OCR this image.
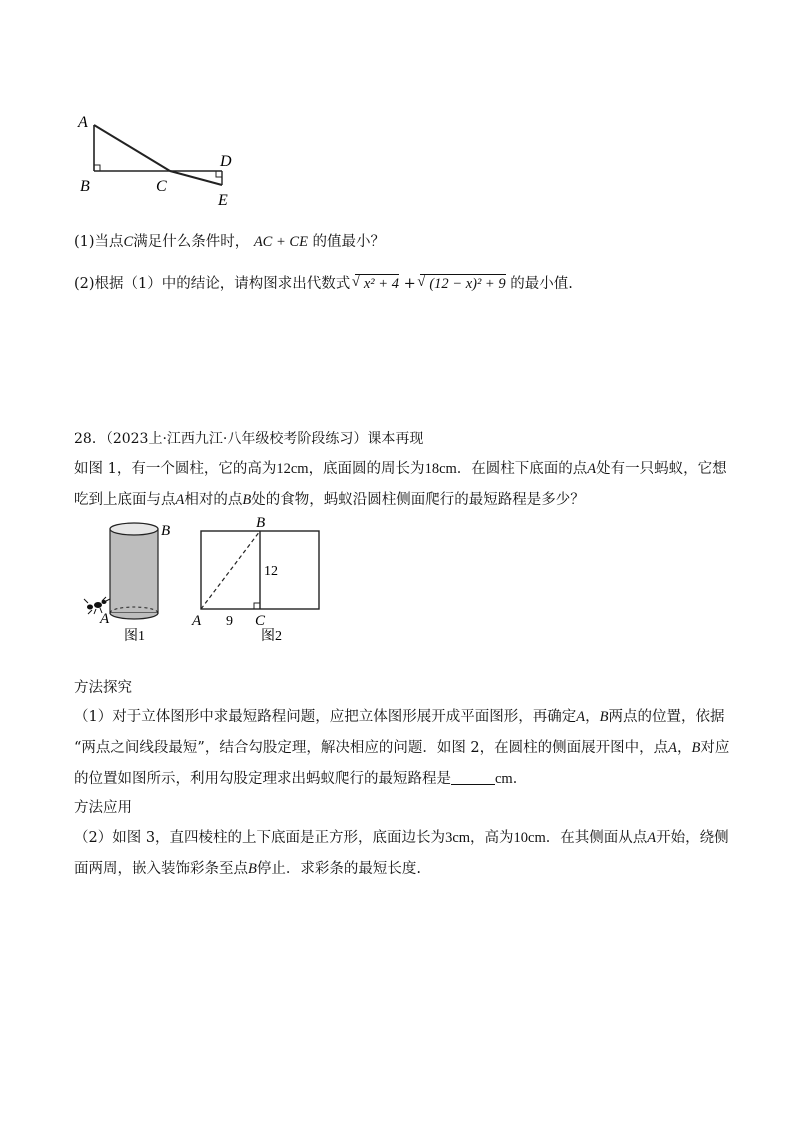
A
B	C
D
E
(1)当点C满足什么条件时， AC + CE 的值最小？
(2)根据（1）中的结论，请构图求出代数式 √ x² + 4 + √ (12 − x)² + 9 的最小值.
28．（2023上·江西九江·八年级校考阶段练习）课本再现
如图 1，有一个圆柱，它的高为12cm，底面圆的周长为18cm．在圆柱下底面的点A处有一只蚂蚁，它想
吃到上底面与点A相对的点B处的食物，蚂蚁沿圆柱侧面爬行的最短路程是多少？
B
A
图1
B
12
A 9 C
图2
方法探究
（1）对于立体图形中求最短路程问题，应把立体图形展开成平面图形，再确定A，B两点的位置，依据
“两点之间线段最短”，结合勾股定理，解决相应的问题．如图 2，在圆柱的侧面展开图中，点A，B对应
的位置如图所示，利用勾股定理求出蚂蚁爬行的最短路程是	cm．
方法应用
（2）如图 3，直四棱柱的上下底面是正方形，底面边长为3cm，高为10cm．在其侧面从点A开始，绕侧
面两周，嵌入装饰彩条至点B停止．求彩条的最短长度.
